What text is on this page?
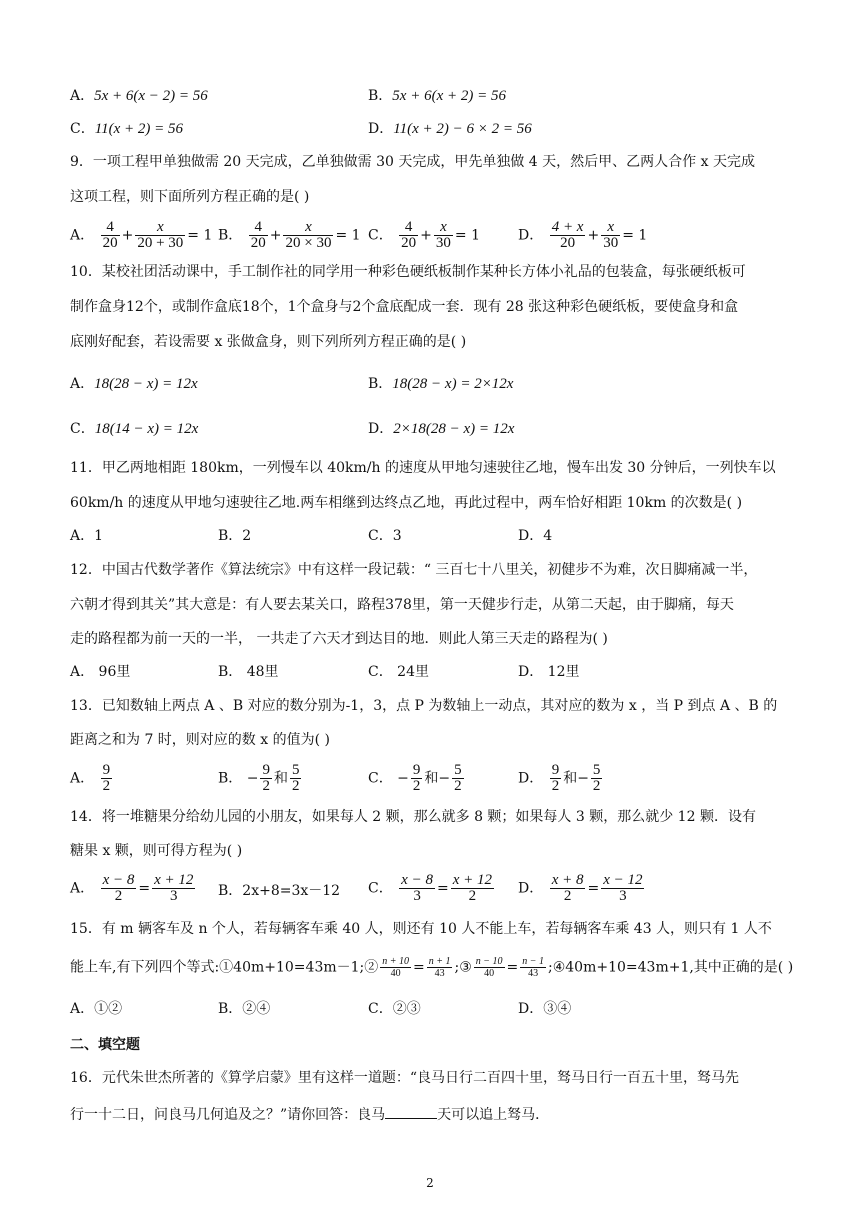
A．5x + 6(x − 2) = 56	B．5x + 6(x + 2) = 56
C．11(x + 2) = 56	D．11(x + 2) − 6 × 2 = 56
9．一项工程甲单独做需 20 天完成，乙单独做需 30 天完成，甲先单独做 4 天，然后甲、乙两人合作 x 天完成
这项工程，则下面所列方程正确的是( )
A． $\frac{4}{20} + \frac{x}{20 + 30} = 1$ B． $\frac{4}{20} + \frac{x}{20 \times 30} = 1$ C． $\frac{4}{20} + \frac{x}{30} = 1$	D． $\frac{4 + x}{20} + \frac{x}{30} = 1$
10．某校社团活动课中，手工制作社的同学用一种彩色硬纸板制作某种长方体小礼品的包装盒，每张硬纸板可
制作盒身12个，或制作盒底18个，1个盒身与2个盒底配成一套．现有 28 张这种彩色硬纸板，要使盒身和盒
底刚好配套，若设需要 x 张做盒身，则下列所列方程正确的是( )
A．18(28 − x) = 12x	B．18(28 − x) = 2×12x
C．18(14 − x) = 12x	D．2×18(28 − x) = 12x
11．甲乙两地相距 180km，一列慢车以 40km/h 的速度从甲地匀速驶往乙地，慢车出发 30 分钟后，一列快车以
60km/h 的速度从甲地匀速驶往乙地.两车相继到达终点乙地，再此过程中，两车恰好相距 10km 的次数是( )
A．1	B．2	C．3	D．4
12．中国古代数学著作《算法统宗》中有这样一段记载：“ 三百七十八里关，初健步不为难，次日脚痛减一半，
六朝才得到其关”其大意是：有人要去某关口，路程378里，第一天健步行走，从第二天起，由于脚痛，每天
走的路程都为前一天的一半， 一共走了六天才到达目的地．则此人第三天走的路程为( )
A． 96里	B． 48里	C． 24里	D． 12里
13．已知数轴上两点 A 、B 对应的数分别为-1，3，点 P 为数轴上一动点，其对应的数为 x ，当 P 到点 A 、B 的
距离之和为 7 时，则对应的数 x 的值为( )
A． $\frac{9}{2}$	B． − $\frac{9}{2}$ 和 $\frac{5}{2}$	C． − $\frac{9}{2}$ 和− $\frac{5}{2}$	D． $\frac{9}{2}$ 和− $\frac{5}{2}$
14．将一堆糖果分给幼儿园的小朋友，如果每人 2 颗，那么就多 8 颗；如果每人 3 颗，那么就少 12 颗．设有
糖果 x 颗，则可得方程为( )
A． $\frac{x - 8}{2} = \frac{x + 12}{3}$ B．2x+8=3x－12 C． $\frac{x - 8}{3} = \frac{x + 12}{2}$ D． $\frac{x + 8}{2} = \frac{x - 12}{3}$
15．有 m 辆客车及 n 个人，若每辆客车乘 40 人，则还有 10 人不能上车，若每辆客车乘 43 人，则只有 1 人不
能上车,有下列四个等式:①40m+10=43m－1;② $\frac{n + 10}{40} = \frac{n + 1}{43}$ ;③ $\frac{n - 10}{40} = \frac{n - 1}{43}$ ;④40m+10=43m+1,其中正确的是( )
A．①②	B．②④	C．②③	D．③④
二、填空题
16．元代朱世杰所著的《算学启蒙》里有这样一道题：“良马日行二百四十里，驽马日行一百五十里，驽马先
行一十二日，问良马几何追及之？”请你回答：良马	天可以追上驽马．
2
